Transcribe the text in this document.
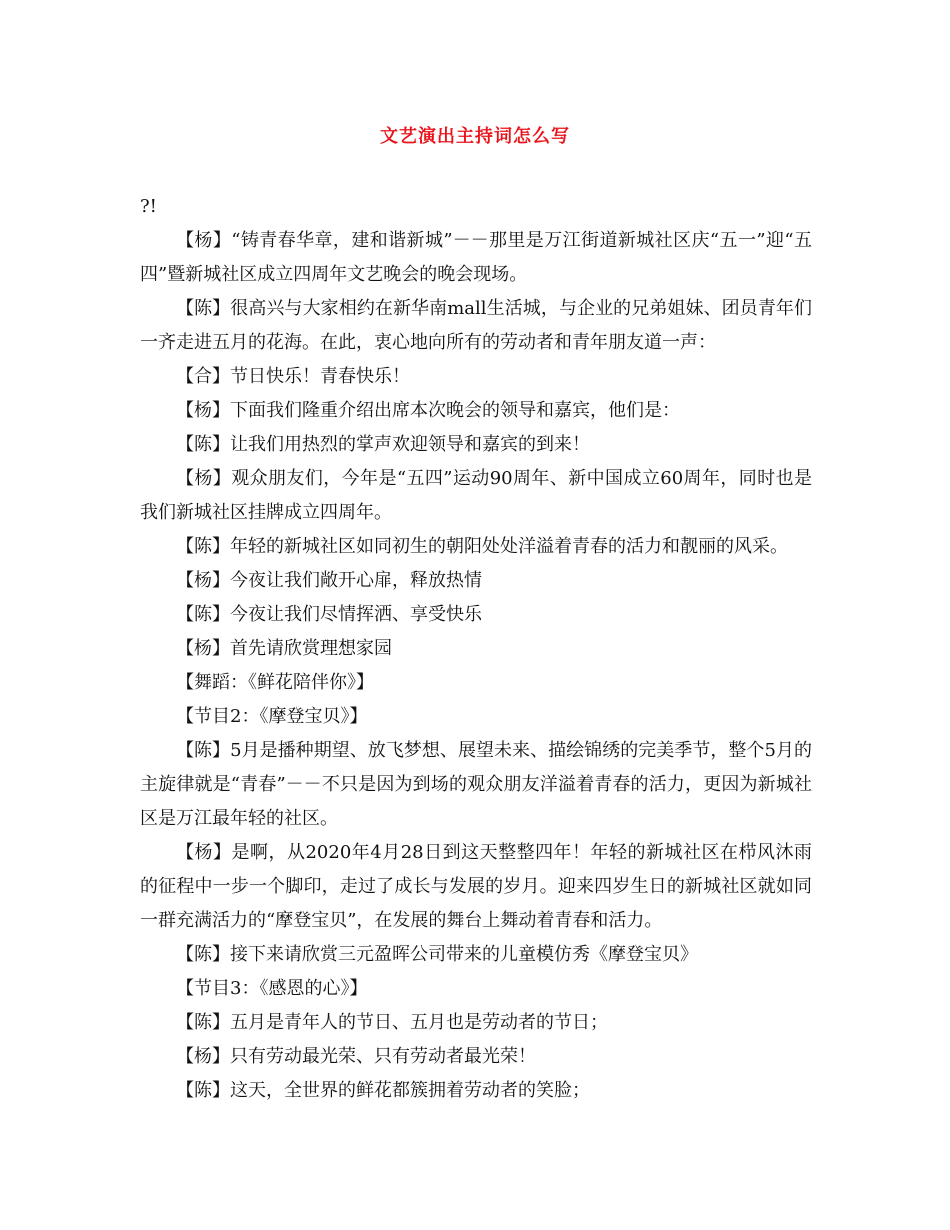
文艺演出主持词怎么写

?!

【杨】“铸青春华章，建和谐新城”－－那里是万江街道新城社区庆“五一”迎“五四”暨新城社区成立四周年文艺晚会的晚会现场。

【陈】很高兴与大家相约在新华南mall生活城，与企业的兄弟姐妹、团员青年们一齐走进五月的花海。在此，衷心地向所有的劳动者和青年朋友道一声：

【合】节日快乐！青春快乐！

【杨】下面我们隆重介绍出席本次晚会的领导和嘉宾，他们是：

【陈】让我们用热烈的掌声欢迎领导和嘉宾的到来！

【杨】观众朋友们，今年是“五四”运动90周年、新中国成立60周年，同时也是我们新城社区挂牌成立四周年。

【陈】年轻的新城社区如同初生的朝阳处处洋溢着青春的活力和靓丽的风采。

【杨】今夜让我们敞开心扉，释放热情

【陈】今夜让我们尽情挥洒、享受快乐

【杨】首先请欣赏理想家园

【舞蹈：《鲜花陪伴你》】

【节目2：《摩登宝贝》】

【陈】5月是播种期望、放飞梦想、展望未来、描绘锦绣的完美季节，整个5月的主旋律就是“青春”－－不只是因为到场的观众朋友洋溢着青春的活力，更因为新城社区是万江最年轻的社区。

【杨】是啊，从2020年4月28日到这天整整四年！年轻的新城社区在栉风沐雨的征程中一步一个脚印，走过了成长与发展的岁月。迎来四岁生日的新城社区就如同一群充满活力的“摩登宝贝”，在发展的舞台上舞动着青春和活力。

【陈】接下来请欣赏三元盈晖公司带来的儿童模仿秀《摩登宝贝》

【节目3：《感恩的心》】

【陈】五月是青年人的节日、五月也是劳动者的节日；

【杨】只有劳动最光荣、只有劳动者最光荣！

【陈】这天，全世界的鲜花都簇拥着劳动者的笑脸；
